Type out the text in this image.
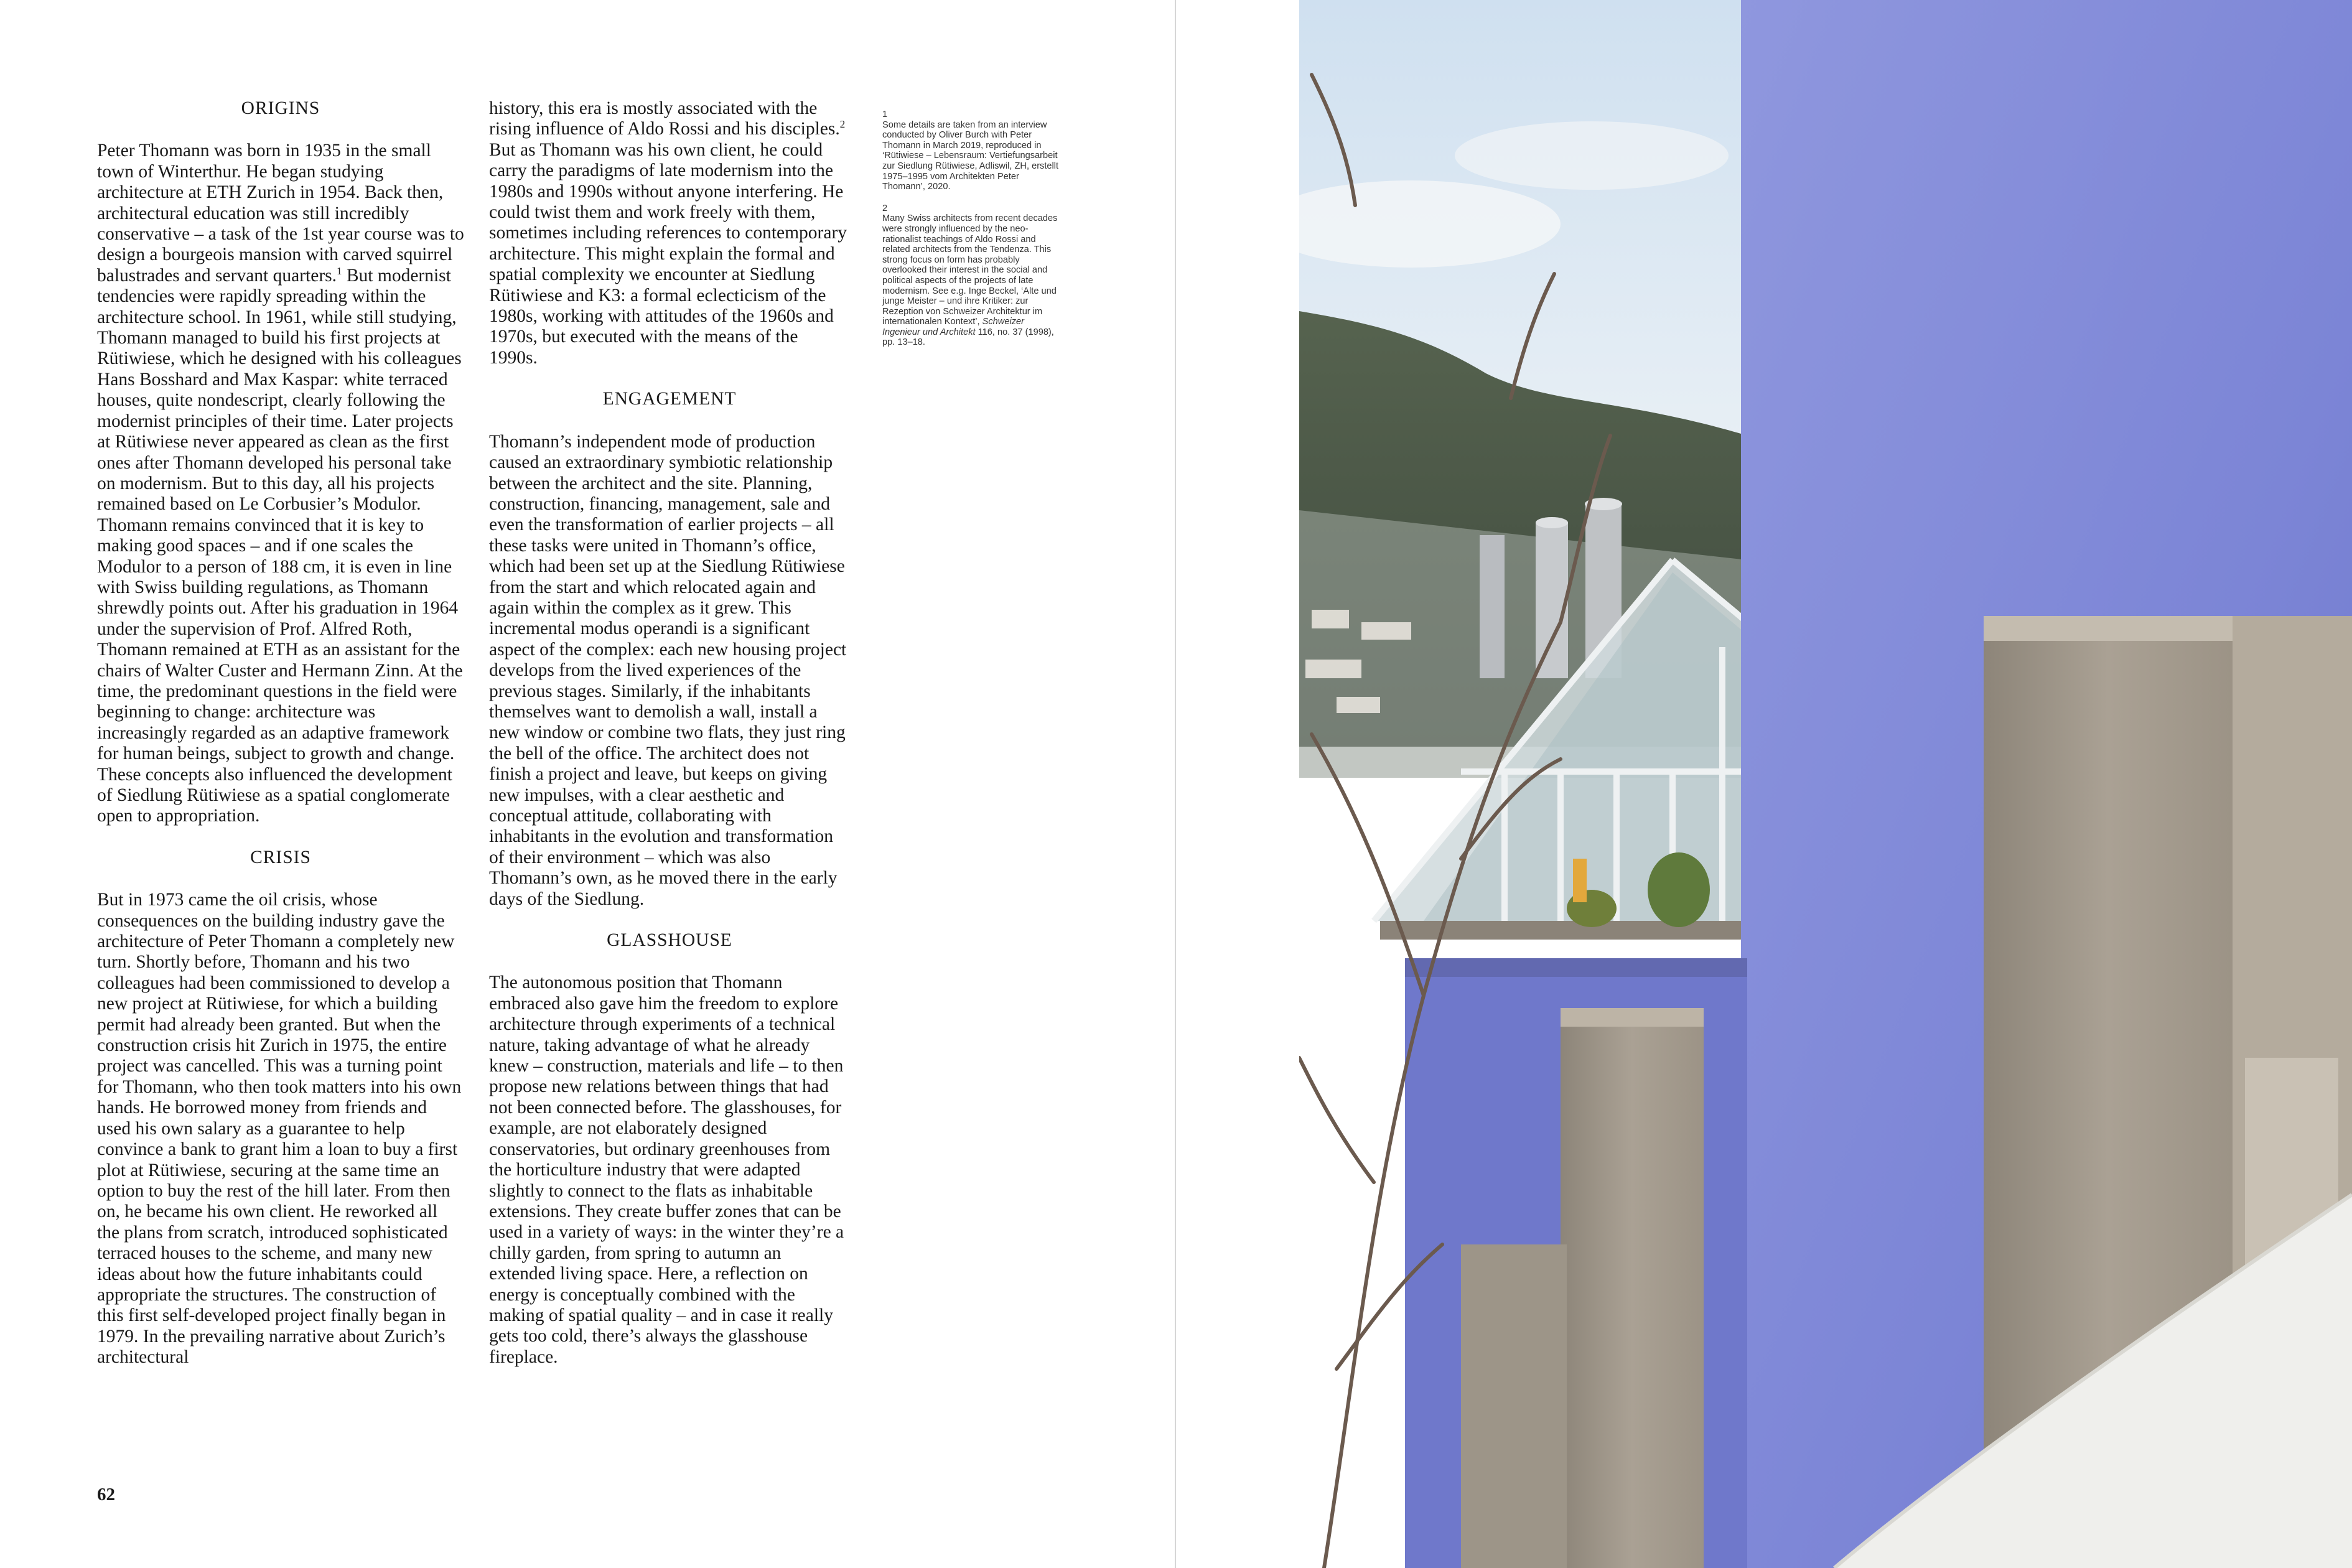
ORIGINS

Peter Thomann was born in 1935 in the small town of Winterthur. He began studying architecture at ETH Zurich in 1954. Back then, architectural education was still incredibly conservative – a task of the 1st year course was to design a bourgeois mansion with carved squirrel balustrades and servant quarters.$^1$ But modernist tendencies were rapidly spreading within the architecture school. In 1961, while still studying, Thomann managed to build his first projects at Rütiwiese, which he designed with his colleagues Hans Bosshard and Max Kaspar: white terraced houses, quite nondescript, clearly following the modernist principles of their time. Later projects at Rütiwiese never appeared as clean as the first ones after Thomann developed his personal take on modernism. But to this day, all his projects remained based on Le Corbusier’s Modulor. Thomann remains convinced that it is key to making good spaces – and if one scales the Modulor to a person of 188 cm, it is even in line with Swiss building regulations, as Thomann shrewdly points out. After his graduation in 1964 under the supervision of Prof. Alfred Roth, Thomann remained at ETH as an assistant for the chairs of Walter Custer and Hermann Zinn. At the time, the predominant questions in the field were beginning to change: architecture was increasingly regarded as an adaptive framework for human beings, subject to growth and change. These concepts also influenced the development of Siedlung Rütiwiese as a spatial conglomerate open to appropriation.

CRISIS

But in 1973 came the oil crisis, whose consequences on the building industry gave the architecture of Peter Thomann a completely new turn. Shortly before, Thomann and his two colleagues had been commissioned to develop a new project at Rütiwiese, for which a building permit had already been granted. But when the construction crisis hit Zurich in 1975, the entire project was cancelled. This was a turning point for Thomann, who then took matters into his own hands. He borrowed money from friends and used his own salary as a guarantee to help convince a bank to grant him a loan to buy a first plot at Rütiwiese, securing at the same time an option to buy the rest of the hill later. From then on, he became his own client. He reworked all the plans from scratch, introduced sophisticated terraced houses to the scheme, and many new ideas about how the future inhabitants could appropriate the structures. The construction of this first self-developed project finally began in 1979. In the prevailing narrative about Zurich’s architectural

history, this era is mostly associated with the rising influence of Aldo Rossi and his disciples.$^2$ But as Thomann was his own client, he could carry the paradigms of late modernism into the 1980s and 1990s without anyone interfering. He could twist them and work freely with them, sometimes including references to contemporary architecture. This might explain the formal and spatial complexity we encounter at Siedlung Rütiwiese and K3: a formal eclecticism of the 1980s, working with attitudes of the 1960s and 1970s, but executed with the means of the 1990s.

ENGAGEMENT

Thomann’s independent mode of production caused an extraordinary symbiotic relationship between the architect and the site. Planning, construction, financing, management, sale and even the transformation of earlier projects – all these tasks were united in Thomann’s office, which had been set up at the Siedlung Rütiwiese from the start and which relocated again and again within the complex as it grew. This incremental modus operandi is a significant aspect of the complex: each new housing project develops from the lived experiences of the previous stages. Similarly, if the inhabitants themselves want to demolish a wall, install a new window or combine two flats, they just ring the bell of the office. The architect does not finish a project and leave, but keeps on giving new impulses, with a clear aesthetic and conceptual attitude, collaborating with inhabitants in the evolution and transformation of their environment – which was also Thomann’s own, as he moved there in the early days of the Siedlung.

GLASSHOUSE

The autonomous position that Thomann embraced also gave him the freedom to explore architecture through experiments of a technical nature, taking advantage of what he already knew – construction, materials and life – to then propose new relations between things that had not been connected before. The glasshouses, for example, are not elaborately designed conservatories, but ordinary greenhouses from the horticulture industry that were adapted slightly to connect to the flats as inhabitable extensions. They create buffer zones that can be used in a variety of ways: in the winter they’re a chilly garden, from spring to autumn an extended living space. Here, a reflection on energy is conceptually combined with the making of spatial quality – and in case it really gets too cold, there’s always the glasshouse fireplace.

1
Some details are taken from an interview conducted by Oliver Burch with Peter Thomann in March 2019, reproduced in ‘Rütiwiese – Lebensraum: Vertiefungsarbeit zur Siedlung Rütiwiese, Adliswil, ZH, erstellt 1975–1995 vom Architekten Peter Thomann’, 2020.

2
Many Swiss architects from recent decades were strongly influenced by the neo-rationalist teachings of Aldo Rossi and related architects from the Tendenza. This strong focus on form has probably overlooked their interest in the social and political aspects of the projects of late modernism. See e.g. Inge Beckel, ‘Alte und junge Meister – und ihre Kritiker: zur Rezeption von Schweizer Architektur im internationalen Kontext’, Schweizer Ingenieur und Architekt 116, no. 37 (1998), pp. 13–18.

62
